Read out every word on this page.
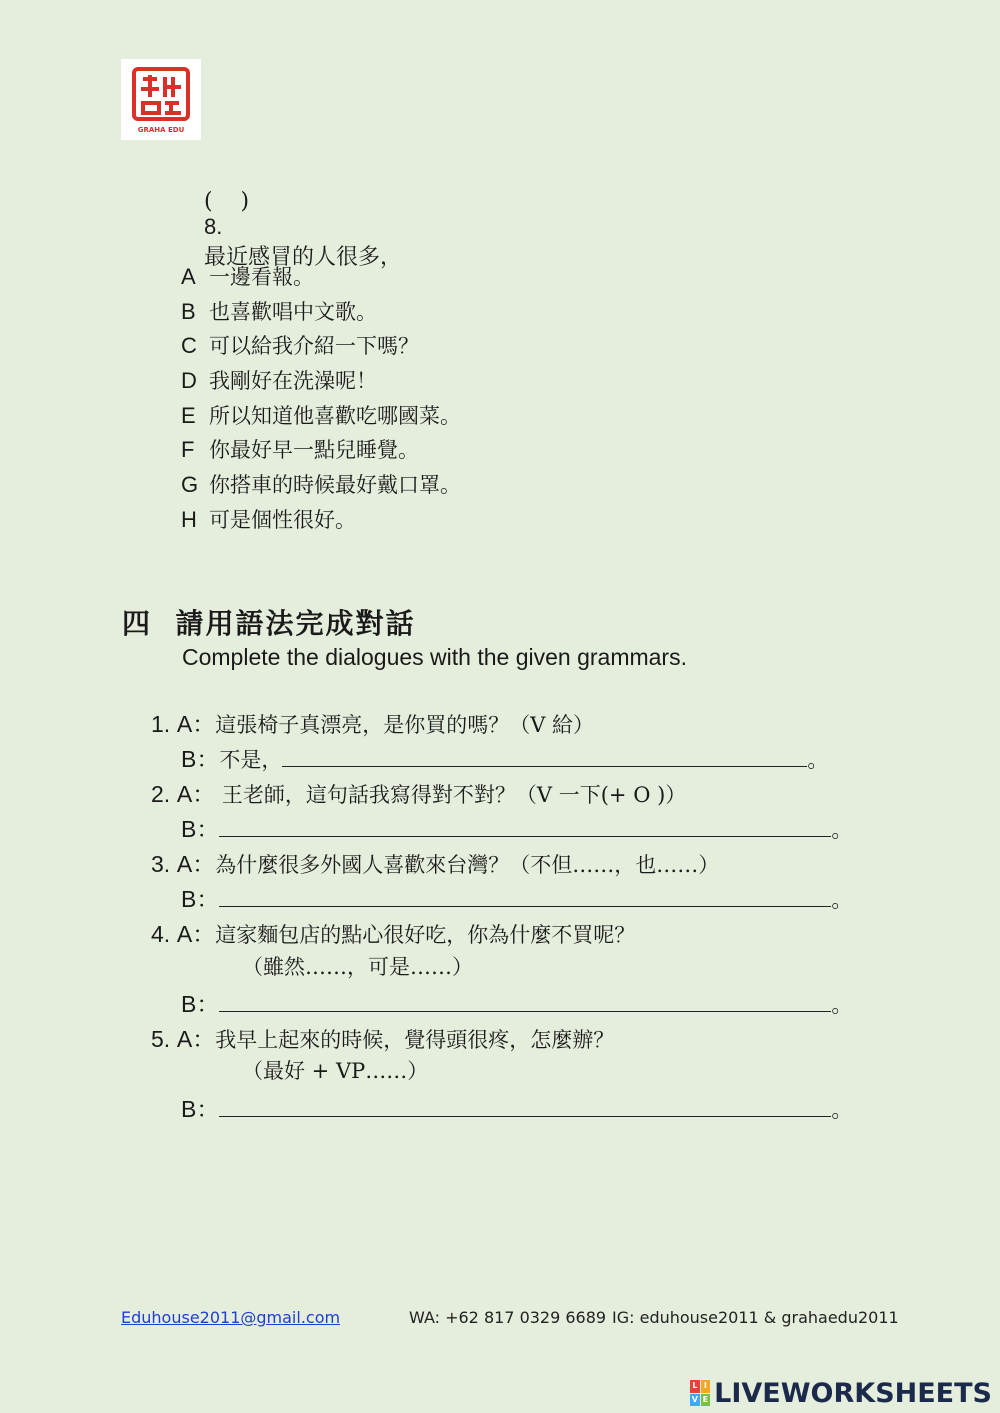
GRAHA EDU

(    )
8.
最近感冒的人很多，

A 一邊看報。
B 也喜歡唱中文歌。
C 可以給我介紹一下嗎？
D 我剛好在洗澡呢！
E 所以知道他喜歡吃哪國菜。
F 你最好早一點兒睡覺。
G 你搭車的時候最好戴口罩。
H 可是個性很好。
四  請用語法完成對話
Complete the dialogues with the given grammars.
1. A：這張椅子真漂亮，是你買的嗎？（V 給）
B：不是，	。
2. A： 王老師，這句話我寫得對不對？（V 一下(+ O )）
B：	。
3. A：為什麼很多外國人喜歡來台灣？（不但……，也……）
B：	。
4. A：這家麵包店的點心很好吃，你為什麼不買呢？
（雖然……，可是……）
B：	。
5. A：我早上起來的時候，覺得頭很疼，怎麼辦？
（最好 + VP……）
B：	。
Eduhouse2011@gmail.com	WA: +62 817 0329 6689 IG: eduhouse2011 & grahaedu2011
L I
V E LIVEWORKSHEETS
